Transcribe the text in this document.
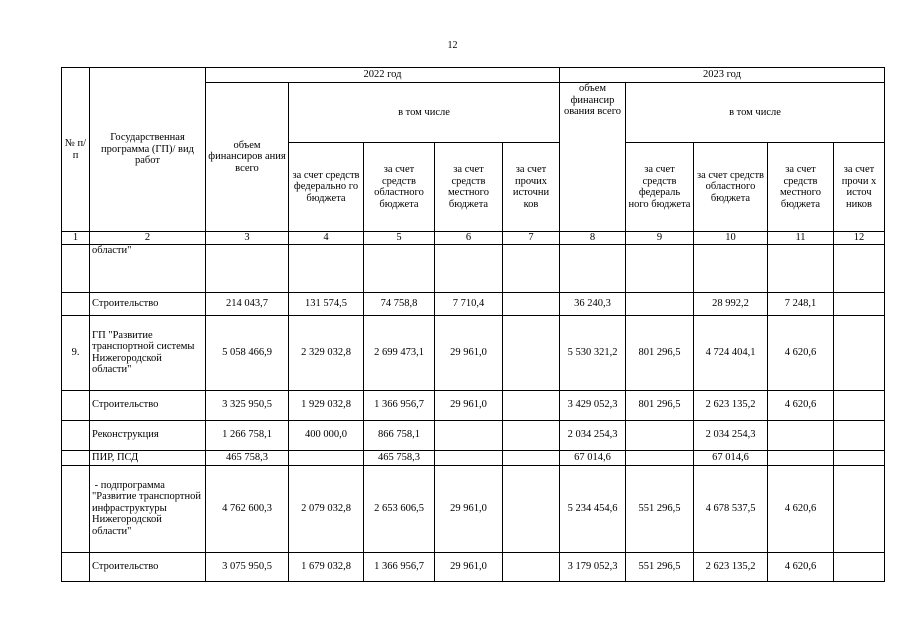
12
№ п/п	Государственная программа (ГП)/ вид работ	2022 год					2023 год				
		объем финансиров ания всего	в том числе				объем финансир ования всего	в том числе			
			за счет средств федерально го бюджета	за счет средств областного бюджета	за счет средств местного бюджета	за счет прочих источни ков		за счет средств федераль ного бюджета	за счет средств областного бюджета	за счет средств местного бюджета	за счет прочи х источ ников
1	2	3	4	5	6	7	8	9	10	11	12
	области"										
	Строительство	214 043,7	131 574,5	74 758,8	7 710,4		36 240,3		28 992,2	7 248,1	
9.	ГП "Развитие транспортной системы Нижегородской области"	5 058 466,9	2 329 032,8	2 699 473,1	29 961,0		5 530 321,2	801 296,5	4 724 404,1	4 620,6	
	Строительство	3 325 950,5	1 929 032,8	1 366 956,7	29 961,0		3 429 052,3	801 296,5	2 623 135,2	4 620,6	
	Реконструкция	1 266 758,1	400 000,0	866 758,1			2 034 254,3		2 034 254,3		
	ПИР, ПСД	465 758,3		465 758,3			67 014,6		67 014,6		
	- подпрограмма "Развитие транспортной инфраструктуры Нижегородской области"	4 762 600,3	2 079 032,8	2 653 606,5	29 961,0		5 234 454,6	551 296,5	4 678 537,5	4 620,6	
	Строительство	3 075 950,5	1 679 032,8	1 366 956,7	29 961,0		3 179 052,3	551 296,5	2 623 135,2	4 620,6	
